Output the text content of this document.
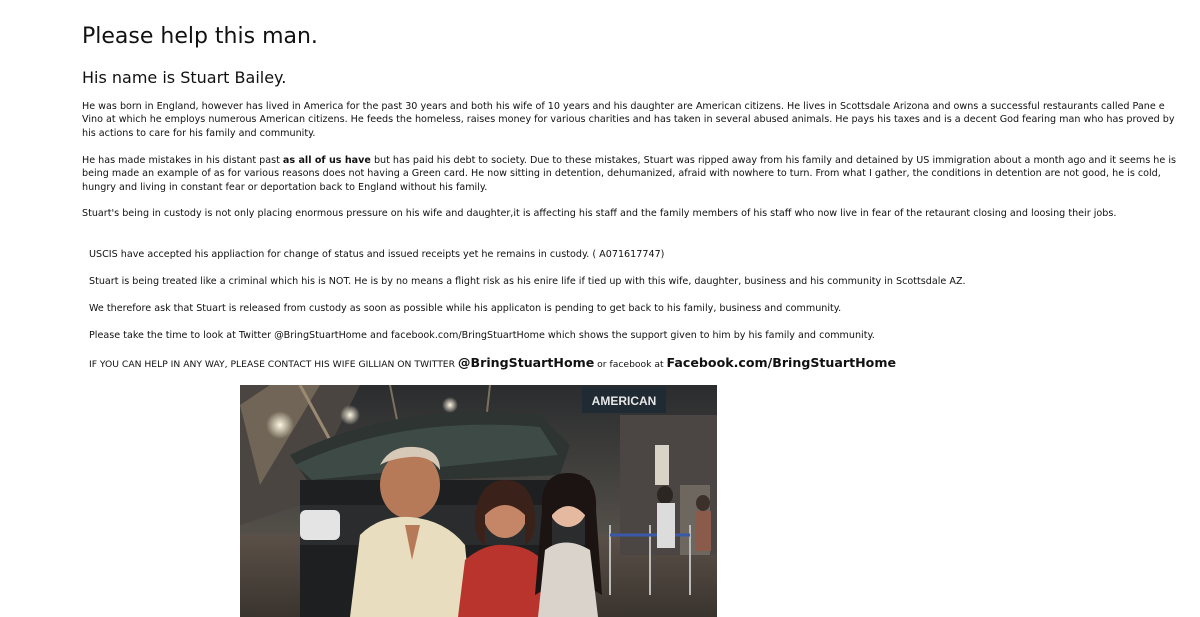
Please help this man.
His name is Stuart Bailey.

He was born in England, however has lived in America for the past 30 years and both his wife of 10 years and his daughter are American citizens. He lives in Scottsdale Arizona and owns a successful restaurants called Pane e Vino at which he employs numerous American citizens. He feeds the homeless, raises money for various charities and has taken in several abused animals. He pays his taxes and is a decent God fearing man who has proved by his actions to care for his family and community.

He has made mistakes in his distant past as all of us have but has paid his debt to society. Due to these mistakes, Stuart was ripped away from his family and detained by US immigration about a month ago and it seems he is being made an example of as for various reasons does not having a Green card. He now sitting in detention, dehumanized, afraid with nowhere to turn. From what I gather, the conditions in detention are not good, he is cold, hungry and living in constant fear or deportation back to England without his family.

Stuart's being in custody is not only placing enormous pressure on his wife and daughter,it is affecting his staff and the family members of his staff who now live in fear of the retaurant closing and loosing their jobs.

USCIS have accepted his appliaction for change of status and issued receipts yet he remains in custody. ( A071617747)

Stuart is being treated like a criminal which his is NOT. He is by no means a flight risk as his enire life if tied up with this wife, daughter, business and his community in Scottsdale AZ.

We therefore ask that Stuart is released from custody as soon as possible while his applicaton is pending to get back to his family, business and community.

Please take the time to look at Twitter @BringStuartHome and facebook.com/BringStuartHome which shows the support given to him by his family and community.

IF YOU CAN HELP IN ANY WAY, PLEASE CONTACT HIS WIFE GILLIAN ON TWITTER @BringStuartHome or facebook at Facebook.com/BringStuartHome

AMERICAN
